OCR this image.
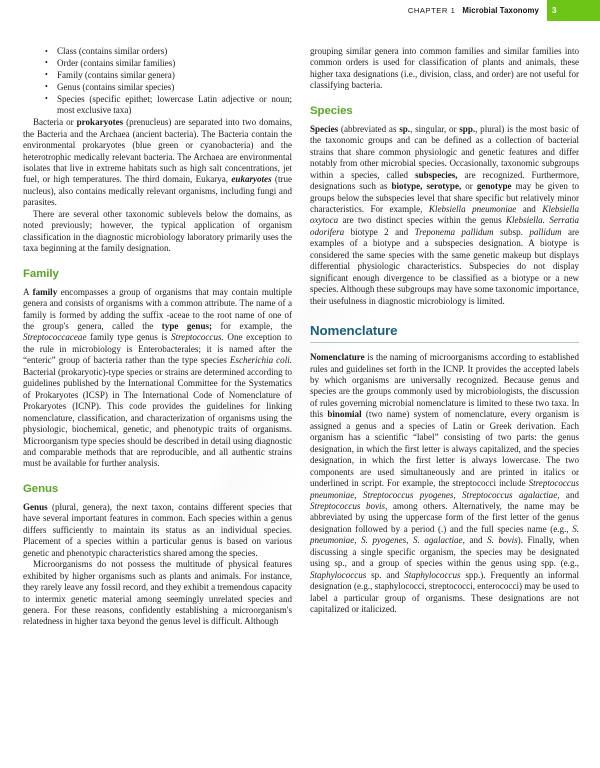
CHAPTER 1 Microbial Taxonomy 3
• Class (contains similar orders)
• Order (contains similar families)
• Family (contains similar genera)
• Genus (contains similar species)
• Species (specific epithet; lowercase Latin adjective or noun; most exclusive taxa)

Bacteria or prokaryotes (prenucleus) are separated into two domains, the Bacteria and the Archaea (ancient bacteria). The Bacteria contain the environmental prokaryotes (blue green or cyanobacteria) and the heterotrophic medically relevant bacteria. The Archaea are environmental isolates that live in extreme habitats such as high salt concentrations, jet fuel, or high temperatures. The third domain, Eukarya, eukaryotes (true nucleus), also contains medically relevant organisms, including fungi and parasites.

There are several other taxonomic sublevels below the domains, as noted previously; however, the typical application of organism classification in the diagnostic microbiology laboratory primarily uses the taxa beginning at the family designation.

Family

A family encompasses a group of organisms that may contain multiple genera and consists of organisms with a common attribute. The name of a family is formed by adding the suffix -aceae to the root name of one of the group's genera, called the type genus; for example, the Streptococcaceae family type genus is Streptococcus. One exception to the rule in microbiology is Enterobacterales; it is named after the “enteric” group of bacteria rather than the type species Escherichia coli. Bacterial (prokaryotic)-type species or strains are determined according to guidelines published by the International Committee for the Systematics of Prokaryotes (ICSP) in The International Code of Nomenclature of Prokaryotes (ICNP). This code provides the guidelines for linking nomenclature, classification, and characterization of organisms using the physiologic, biochemical, genetic, and phenotypic traits of organisms. Microorganism type species should be described in detail using diagnostic and comparable methods that are reproducible, and all authentic strains must be available for further analysis.

Genus

Genus (plural, genera), the next taxon, contains different species that have several important features in common. Each species within a genus differs sufficiently to maintain its status as an individual species. Placement of a species within a particular genus is based on various genetic and phenotypic characteristics shared among the species.

Microorganisms do not possess the multitude of physical features exhibited by higher organisms such as plants and animals. For instance, they rarely leave any fossil record, and they exhibit a tremendous capacity to intermix genetic material among seemingly unrelated species and genera. For these reasons, confidently establishing a microorganism's relatedness in higher taxa beyond the genus level is difficult. Although

grouping similar genera into common families and similar families into common orders is used for classification of plants and animals, these higher taxa designations (i.e., division, class, and order) are not useful for classifying bacteria.

Species

Species (abbreviated as sp., singular, or spp., plural) is the most basic of the taxonomic groups and can be defined as a collection of bacterial strains that share common physiologic and genetic features and differ notably from other microbial species. Occasionally, taxonomic subgroups within a species, called subspecies, are recognized. Furthermore, designations such as biotype, serotype, or genotype may be given to groups below the subspecies level that share specific but relatively minor characteristics. For example, Klebsiella pneumoniae and Klebsiella oxytoca are two distinct species within the genus Klebsiella. Serratia odorifera biotype 2 and Treponema pallidum subsp. pallidum are examples of a biotype and a subspecies designation. A biotype is considered the same species with the same genetic makeup but displays differential physiologic characteristics. Subspecies do not display significant enough divergence to be classified as a biotype or a new species. Although these subgroups may have some taxonomic importance, their usefulness in diagnostic microbiology is limited.

Nomenclature

Nomenclature is the naming of microorganisms according to established rules and guidelines set forth in the ICNP. It provides the accepted labels by which organisms are universally recognized. Because genus and species are the groups commonly used by microbiologists, the discussion of rules governing microbial nomenclature is limited to these two taxa. In this binomial (two name) system of nomenclature, every organism is assigned a genus and a species of Latin or Greek derivation. Each organism has a scientific “label” consisting of two parts: the genus designation, in which the first letter is always capitalized, and the species designation, in which the first letter is always lowercase. The two components are used simultaneously and are printed in italics or underlined in script. For example, the streptococci include Streptococcus pneumoniae, Streptococcus pyogenes, Streptococcus agalactiae, and Streptococcus bovis, among others. Alternatively, the name may be abbreviated by using the uppercase form of the first letter of the genus designation followed by a period (.) and the full species name (e.g., S. pneumoniae, S. pyogenes, S. agalactiae, and S. bovis). Finally, when discussing a single specific organism, the species may be designated using sp., and a group of species within the genus using spp. (e.g., Staphylococcus sp. and Staphylococcus spp.). Frequently an informal designation (e.g., staphylococci, streptococci, enterococci) may be used to label a particular group of organisms. These designations are not capitalized or italicized.
